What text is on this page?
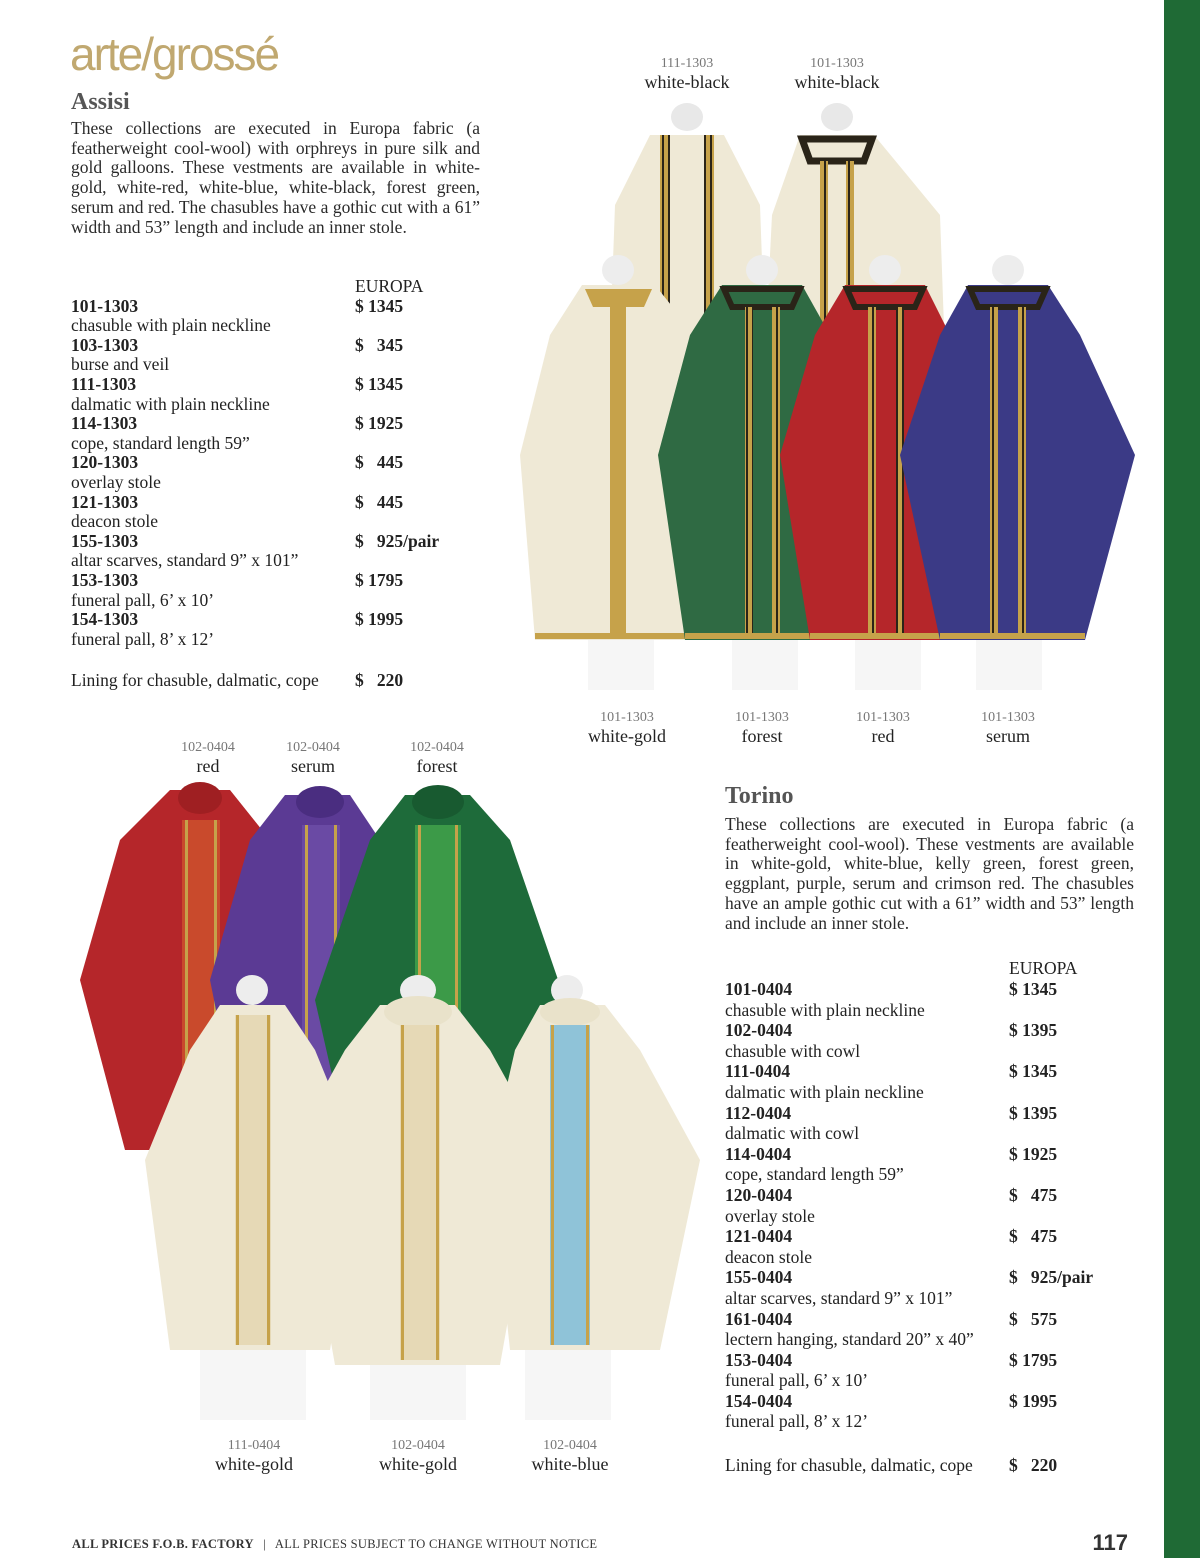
arte/grossé
Assisi

These collections are executed in Europa fabric (a featherweight cool-wool) with orphreys in pure silk and gold galloons. These vestments are available in white-gold, white-red, white-blue, white-black, forest green, serum and red. The chasubles have a gothic cut with a 61” width and 53” length and include an inner stole.

EUROPA
101-1303	$ 1345
chasuble with plain neckline
103-1303	$   345
burse and veil
111-1303	$ 1345
dalmatic with plain neckline
114-1303	$ 1925
cope, standard length 59”
120-1303	$   445
overlay stole
121-1303	$   445
deacon stole
155-1303	$   925/pair
altar scarves, standard 9” x 101”
153-1303	$ 1795
funeral pall, 6’ x 10’
154-1303	$ 1995
funeral pall, 8’ x 12’
Lining for chasuble, dalmatic, cope $   220
111-1303
white-black
101-1303
white-black
101-1303
white-gold
101-1303
forest
101-1303
red
101-1303
serum
102-0404
red
102-0404
serum
102-0404
forest
111-0404
white-gold
102-0404
white-gold
102-0404
white-blue
Torino

These collections are executed in Europa fabric (a featherweight cool-wool). These vestments are available in white-gold, white-blue, kelly green, forest green, eggplant, purple, serum and crimson red. The chasubles have an ample gothic cut with a 61” width and 53” length and include an inner stole.

EUROPA
101-0404	$ 1345
chasuble with plain neckline
102-0404	$ 1395
chasuble with cowl
111-0404	$ 1345
dalmatic with plain neckline
112-0404	$ 1395
dalmatic with cowl
114-0404	$ 1925
cope, standard length 59”
120-0404	$   475
overlay stole
121-0404	$   475
deacon stole
155-0404	$   925/pair
altar scarves, standard 9” x 101”
161-0404	$   575
lectern hanging, standard 20” x 40”
153-0404	$ 1795
funeral pall, 6’ x 10’
154-0404	$ 1995
funeral pall, 8’ x 12’
Lining for chasuble, dalmatic, cope $   220
ALL PRICES F.O.B. FACTORY | ALL PRICES SUBJECT TO CHANGE WITHOUT NOTICE	117
